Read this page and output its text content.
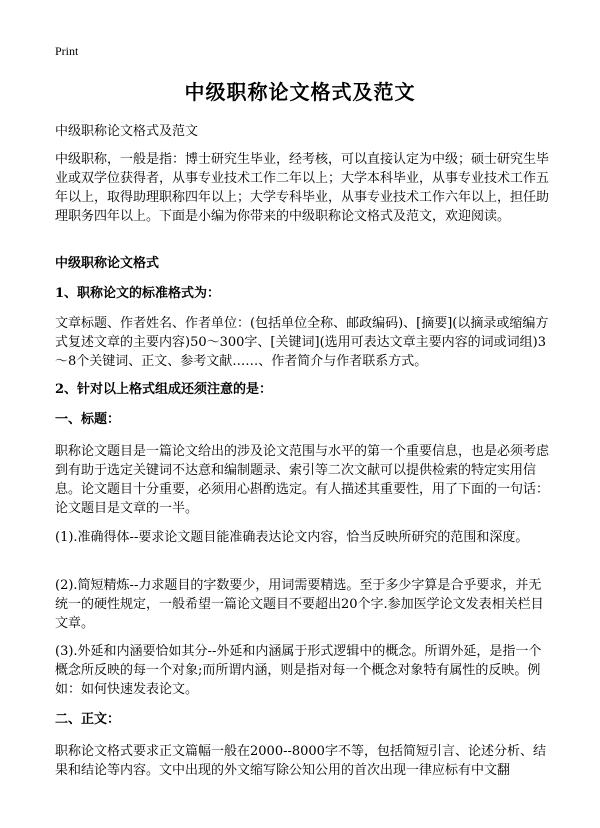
Print
中级职称论文格式及范文
中级职称论文格式及范文
中级职称，一般是指：博士研究生毕业，经考核，可以直接认定为中级；硕士研究生毕业或双学位获得者，从事专业技术工作二年以上；大学本科毕业，从事专业技术工作五年以上，取得助理职称四年以上；大学专科毕业，从事专业技术工作六年以上，担任助理职务四年以上。下面是小编为你带来的中级职称论文格式及范文，欢迎阅读。
中级职称论文格式
1、职称论文的标准格式为：
文章标题、作者姓名、作者单位：(包括单位全称、邮政编码)、[摘要](以摘录或缩编方式复述文章的主要内容)50～300字、[关键词](选用可表达文章主要内容的词或词组)3～8个关键词、正文、参考文献……、作者简介与作者联系方式。
2、针对以上格式组成还须注意的是：
一、标题：
职称论文题目是一篇论文给出的涉及论文范围与水平的第一个重要信息，也是必须考虑到有助于选定关键词不达意和编制题录、索引等二次文献可以提供检索的特定实用信息。论文题目十分重要，必须用心斟酌选定。有人描述其重要性，用了下面的一句话：论文题目是文章的一半。
(1).准确得体--要求论文题目能准确表达论文内容，恰当反映所研究的范围和深度。
(2).简短精炼--力求题目的字数要少，用词需要精选。至于多少字算是合乎要求，并无统一的硬性规定，一般希望一篇论文题目不要超出20个字.参加医学论文发表相关栏目文章。
(3).外延和内涵要恰如其分--外延和内涵属于形式逻辑中的概念。所谓外延，是指一个概念所反映的每一个对象;而所谓内涵，则是指对每一个概念对象特有属性的反映。例如：如何快速发表论文。
二、正文：
职称论文格式要求正文篇幅一般在2000--8000字不等，包括简短引言、论述分析、结果和结论等内容。文中出现的外文缩写除公知公用的首次出现一律应标有中文翻
